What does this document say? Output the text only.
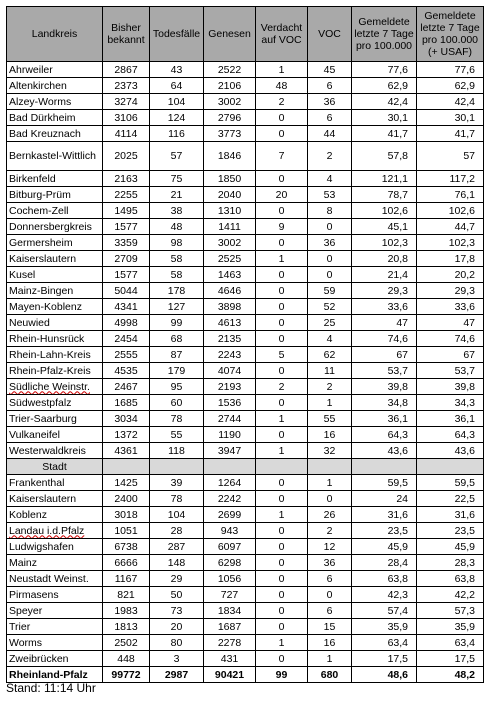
Landkreis	Bisher bekannt	Todesfälle	Genesen	Verdacht auf VOC	VOC	Gemeldete letzte 7 Tage pro 100.000	Gemeldete letzte 7 Tage pro 100.000 (+ USAF)
Ahrweiler	2867	43	2522	1	45	77,6	77,6
Altenkirchen	2373	64	2106	48	6	62,9	62,9
Alzey-Worms	3274	104	3002	2	36	42,4	42,4
Bad Dürkheim	3106	124	2796	0	6	30,1	30,1
Bad Kreuznach	4114	116	3773	0	44	41,7	41,7
Bernkastel-Wittlich	2025	57	1846	7	2	57,8	57
Birkenfeld	2163	75	1850	0	4	121,1	117,2
Bitburg-Prüm	2255	21	2040	20	53	78,7	76,1
Cochem-Zell	1495	38	1310	0	8	102,6	102,6
Donnersbergkreis	1577	48	1411	9	0	45,1	44,7
Germersheim	3359	98	3002	0	36	102,3	102,3
Kaiserslautern	2709	58	2525	1	0	20,8	17,8
Kusel	1577	58	1463	0	0	21,4	20,2
Mainz-Bingen	5044	178	4646	0	59	29,3	29,3
Mayen-Koblenz	4341	127	3898	0	52	33,6	33,6
Neuwied	4998	99	4613	0	25	47	47
Rhein-Hunsrück	2454	68	2135	0	4	74,6	74,6
Rhein-Lahn-Kreis	2555	87	2243	5	62	67	67
Rhein-Pfalz-Kreis	4535	179	4074	0	11	53,7	53,7
Südliche Weinstr.	2467	95	2193	2	2	39,8	39,8
Südwestpfalz	1685	60	1536	0	1	34,8	34,3
Trier-Saarburg	3034	78	2744	1	55	36,1	36,1
Vulkaneifel	1372	55	1190	0	16	64,3	64,3
Westerwaldkreis	4361	118	3947	1	32	43,6	43,6
Stadt							
Frankenthal	1425	39	1264	0	1	59,5	59,5
Kaiserslautern	2400	78	2242	0	0	24	22,5
Koblenz	3018	104	2699	1	26	31,6	31,6
Landau i.d.Pfalz	1051	28	943	0	2	23,5	23,5
Ludwigshafen	6738	287	6097	0	12	45,9	45,9
Mainz	6666	148	6298	0	36	28,4	28,3
Neustadt Weinst.	1167	29	1056	0	6	63,8	63,8
Pirmasens	821	50	727	0	0	42,3	42,2
Speyer	1983	73	1834	0	6	57,4	57,3
Trier	1813	20	1687	0	15	35,9	35,9
Worms	2502	80	2278	1	16	63,4	63,4
Zweibrücken	448	3	431	0	1	17,5	17,5
Rheinland-Pfalz	99772	2987	90421	99	680	48,6	48,2
Stand: 11:14 Uhr
